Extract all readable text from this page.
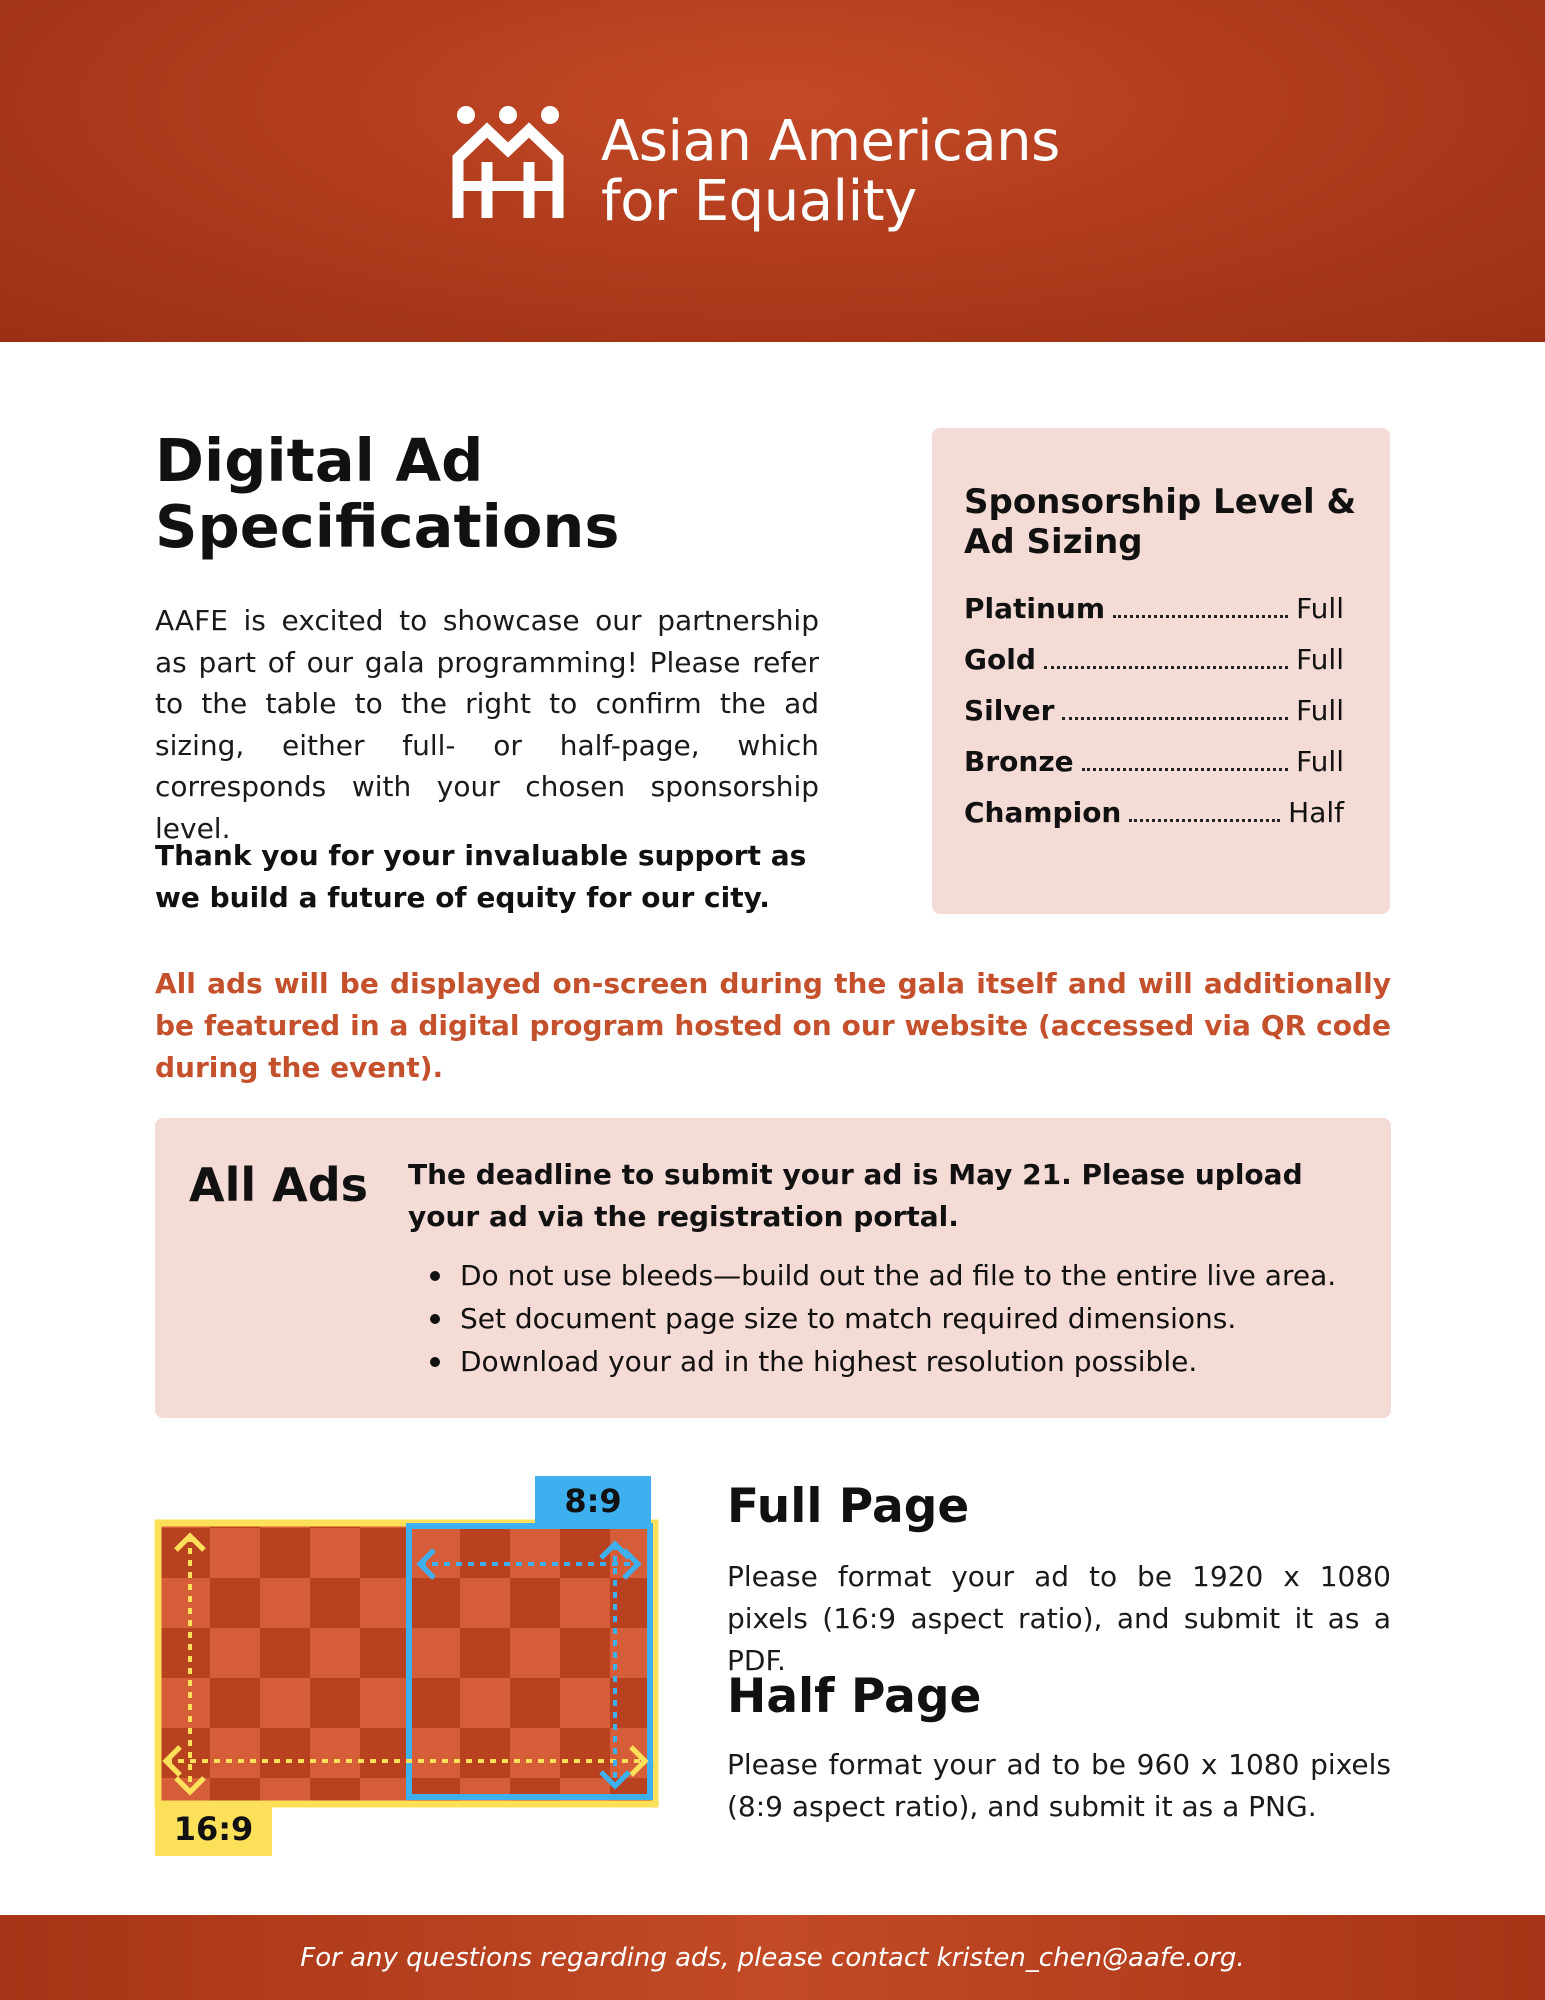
Asian Americans
for Equality
Digital Ad Specifications
AAFE is excited to showcase our partnership as part of our gala programming! Please refer to the table to the right to confirm the ad sizing, either full- or half-page, which corresponds with your chosen sponsorship level.
Thank you for your invaluable support as we build a future of equity for our city.
Sponsorship Level & Ad Sizing
Platinum	Full
Gold	Full
Silver	Full
Bronze	Full
Champion	Half
All ads will be displayed on-screen during the gala itself and will additionally be featured in a digital program hosted on our website (accessed via QR code during the event).
All Ads The deadline to submit your ad is May 21. Please upload your ad via the registration portal.
Do not use bleeds—build out the ad file to the entire live area.
Set document page size to match required dimensions.
Download your ad in the highest resolution possible.
8:9
16:9
Full Page
Please format your ad to be 1920 x 1080 pixels (16:9 aspect ratio), and submit it as a PDF.
Half Page
Please format your ad to be 960 x 1080 pixels (8:9 aspect ratio), and submit it as a PNG.
For any questions regarding ads, please contact kristen_chen@aafe.org.
